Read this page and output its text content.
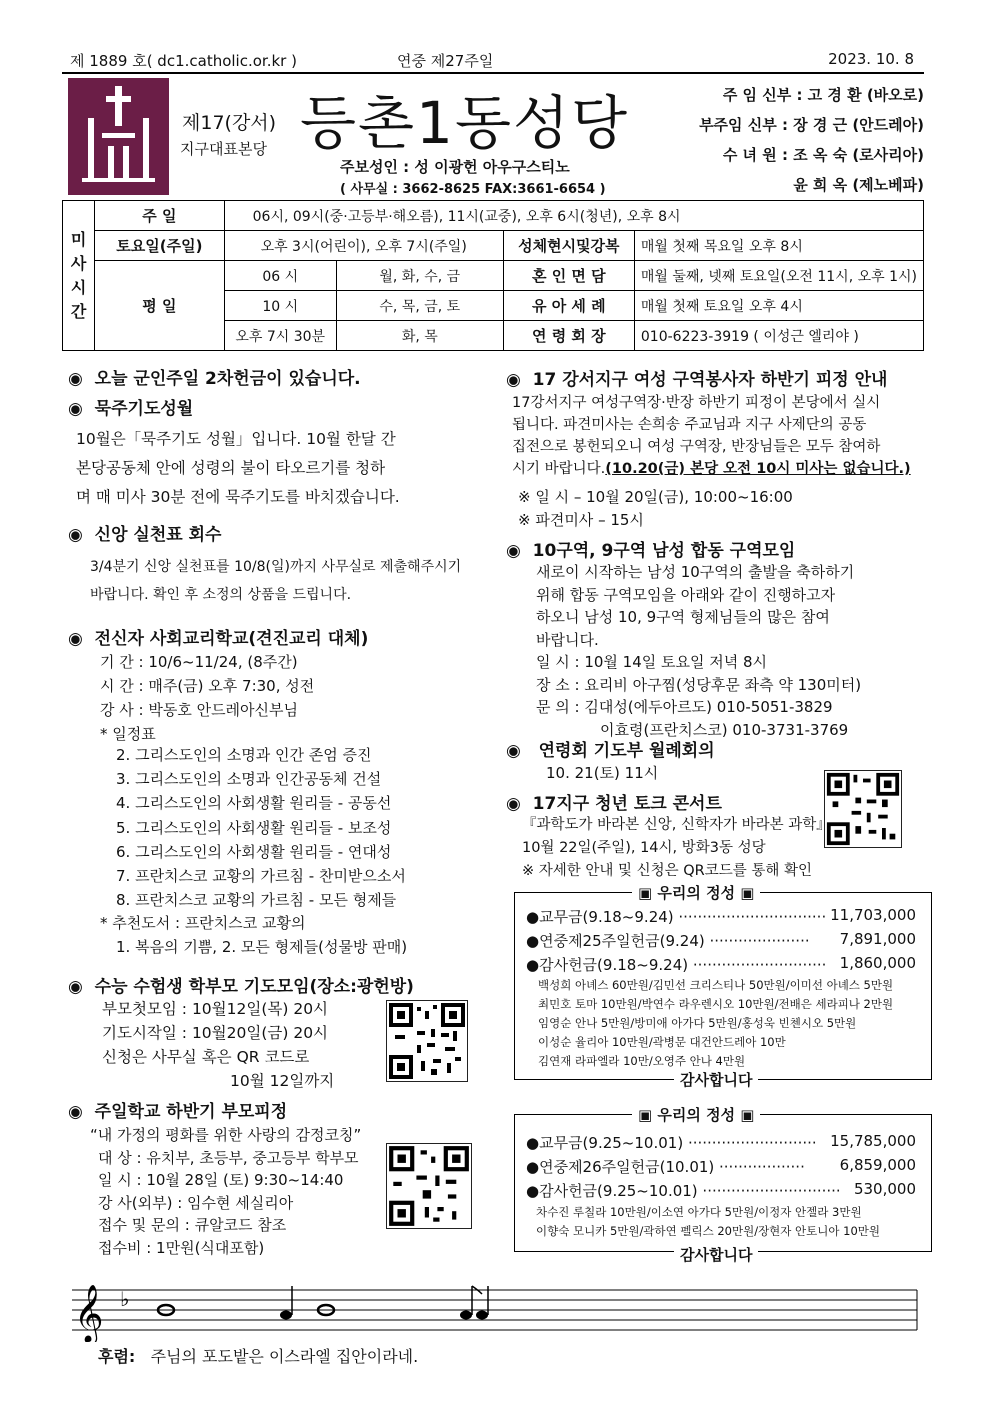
제 1889 호( dc1.catholic.or.kr )	연중 제27주일	2023. 10. 8
제17(강서)
지구대표본당 등촌1동성당
주보성인 : 성 이광헌 아우구스티노
( 사무실 : 3662-8625 FAX:3661-6654 )
주 임 신부 : 고 경 환 (바오로)
부주임 신부 : 장 경 근 (안드레아)
수 녀 원 : 조 옥 숙 (로사리아)
윤 희 옥 (제노베파)
미사시간	주 일	06시, 09시(중·고등부·해오름), 11시(교중), 오후 6시(청년), 오후 8시			
	토요일(주일)	오후 3시(어린이), 오후 7시(주일)		성체현시및강복	매월 첫째 목요일 오후 8시
	평 일	06 시	월, 화, 수, 금	혼 인 면 담	매월 둘째, 넷째 토요일(오전 11시, 오후 1시)
		10 시	수, 목, 금, 토	유 아 세 례	매월 첫째 토요일 오후 4시
		오후 7시 30분	화, 목	연 령 회 장	010-6223-3919 ( 이성근 엘리야 )
◉  오늘 군인주일 2차헌금이 있습니다.
◉  묵주기도성월
10월은「묵주기도 성월」입니다. 10월 한달 간
본당공동체 안에 성령의 불이 타오르기를 청하
며 매 미사 30분 전에 묵주기도를 바치겠습니다.
◉  신앙 실천표 회수
3/4분기 신앙 실천표를 10/8(일)까지 사무실로 제출해주시기
바랍니다. 확인 후 소정의 상품을 드립니다.
◉  전신자 사회교리학교(견진교리 대체)
기 간 : 10/6~11/24, (8주간)
시 간 : 매주(금) 오후 7:30, 성전
강 사 : 박동호 안드레아신부님
* 일정표
2. 그리스도인의 소명과 인간 존엄 증진
3. 그리스도인의 소명과 인간공동체 건설
4. 그리스도인의 사회생활 원리들 - 공동선
5. 그리스도인의 사회생활 원리들 - 보조성
6. 그리스도인의 사회생활 원리들 - 연대성
7. 프란치스코 교황의 가르침 - 찬미받으소서
8. 프란치스코 교황의 가르침 - 모든 형제들
* 추천도서 : 프란치스코 교황의
1. 복음의 기쁨, 2. 모든 형제들(성물방 판매)
◉  수능 수험생 학부모 기도모임(장소:광헌방)
부모첫모임 : 10월12일(목) 20시
기도시작일 : 10월20일(금) 20시
신청은 사무실 혹은 QR 코드로
10월 12일까지
◉  주일학교 하반기 부모피정
“내 가정의 평화를 위한 사랑의 감정코칭”
대 상 : 유치부, 초등부, 중고등부 학부모
일 시 : 10월 28일 (토) 9:30~14:40
강 사(외부) : 임수현 세실리아
접수 및 문의 : 큐알코드 참조
접수비 : 1만원(식대포함)
◉  17 강서지구 여성 구역봉사자 하반기 피정 안내
17강서지구 여성구역장·반장 하반기 피정이 본당에서 실시
됩니다. 파견미사는 손희송 주교님과 지구 사제단의 공동
집전으로 봉헌되오니 여성 구역장, 반장님들은 모두 참여하
시기 바랍니다.(10.20(금) 본당 오전 10시 미사는 없습니다.)
※ 일 시 – 10월 20일(금), 10:00~16:00
※ 파견미사 – 15시
◉  10구역, 9구역 남성 합동 구역모임
새로이 시작하는 남성 10구역의 출발을 축하하기
위해 합동 구역모임을 아래와 같이 진행하고자
하오니 남성 10, 9구역 형제님들의 많은 참여
바랍니다.
일 시 : 10월 14일 토요일 저녁 8시
장 소 : 요리비 아구찜(성당후문 좌측 약 130미터)
문 의 : 김대성(에두아르도) 010-5051-3829
이효령(프란치스코) 010-3731-3769
◉   연령회 기도부 월례회의
10. 21(토) 11시
◉  17지구 청년 토크 콘서트
『과학도가 바라본 신앙, 신학자가 바라본 과학』
10월 22일(주일), 14시, 방화3동 성당
※ 자세한 안내 및 신청은 QR코드를 통해 확인
▣ 우리의 정성 ▣
●교무금(9.18~9.24) ······························· 11,703,000
●연중제25주일헌금(9.24) ····················· 7,891,000
●감사헌금(9.18~9.24) ···························· 1,860,000
백성희 아녜스 60만원/김민선 크리스티나 50만원/이미선 아녜스 5만원
최민호 토마 10만원/박연수 라우렌시오 10만원/전배은 세라피나 2만원
임영순 안나 5만원/방미애 아가다 5만원/홍성욱 빈첸시오 5만원
이성순 율리아 10만원/곽병문 대건안드레아 10만
김연재 라파엘라 10만/오영주 안나 4만원
감사합니다
▣ 우리의 정성 ▣
●교무금(9.25~10.01) ··························· 15,785,000
●연중제26주일헌금(10.01) ·················· 6,859,000
●감사헌금(9.25~10.01) ····························· 530,000
차수진 루칠라 10만원/이소연 아가다 5만원/이정자 안젤라 3만원
이향숙 모니카 5만원/곽하연 펠릭스 20만원/장현자 안토니아 10만원
감사합니다
𝄞 ♭
후렴: 주님의 포도밭은 이스라엘 집안이라네.
